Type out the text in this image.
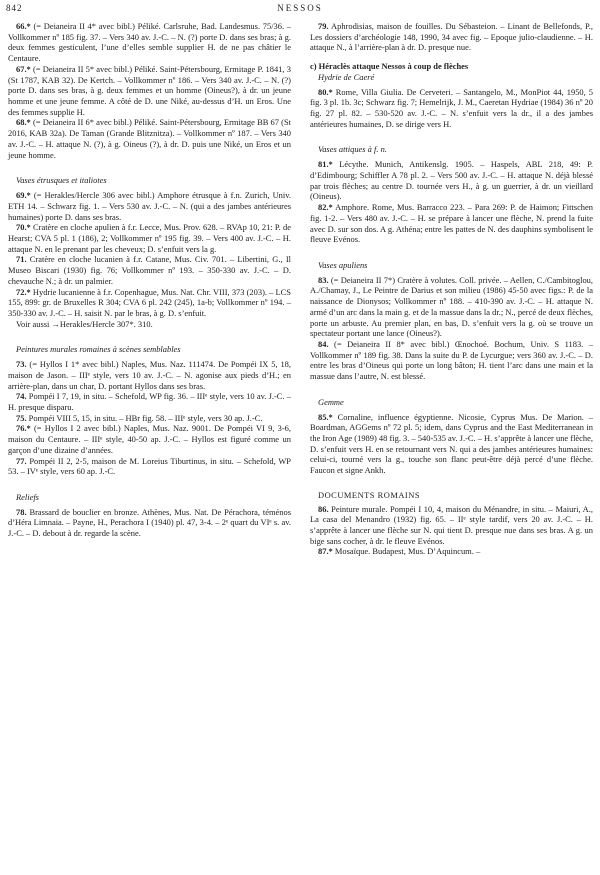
842	NESSOS
66.* (= Deianeira II 4* avec bibl.) Péliké. Carlsruhe, Bad. Landesmus. 75/36. – Vollkommer nº 185 fig. 37. – Vers 340 av. J.-C. – N. (?) porte D. dans ses bras; à g. deux femmes gesticulent, l’une d’elles semble supplier H. de ne pas châtier le Centaure.
67.* (= Deianeira II 5* avec bibl.) Péliké. Saint-Pétersbourg, Ermitage P. 1841, 3 (St 1787, KAB 32). De Kertch. – Vollkommer nº 186. – Vers 340 av. J.-C. – N. (?) porte D. dans ses bras, à g. deux femmes et un homme (Oineus?), à dr. un jeune homme et une jeune femme. A côté de D. une Niké, au-dessus d’H. un Eros. Une des femmes supplie H.
68.* (= Deianeira II 6* avec bibl.) Péliké. Saint-Pétersbourg, Ermitage BB 67 (St 2016, KAB 32a). De Taman (Grande Blitznitza). – Vollkommer nº 187. – Vers 340 av. J.-C. – H. attaque N. (?), à g. Oineus (?), à dr. D. puis une Niké, un Eros et un jeune homme.
Vases étrusques et italiotes
69.* (= Herakles/Hercle 306 avec bibl.) Amphore étrusque à f.n. Zurich, Univ. ETH 14. – Schwarz fig. 1. – Vers 530 av. J.-C. – N. (qui a des jambes antérieures humaines) porte D. dans ses bras.
70.* Cratère en cloche apulien à f.r. Lecce, Mus. Prov. 628. – RVAp 10, 21: P. de Hearst; CVA 5 pl. 1 (186), 2; Vollkommer nº 195 fig. 39. – Vers 400 av. J.-C. – H. attaque N. en le prenant par les cheveux; D. s’enfuit vers la g.
71. Cratère en cloche lucanien à f.r. Catane, Mus. Civ. 701. – Libertini, G., Il Museo Biscari (1930) fig. 76; Vollkommer nº 193. – 350-330 av. J.-C. – D. chevauche N.; à dr. un palmier.
72.* Hydrie lucanienne à f.r. Copenhague, Mus. Nat. Chr. VIII, 373 (203). – LCS 155, 899: gr. de Bruxelles R 304; CVA 6 pl. 242 (245), 1a-b; Vollkommer nº 194. – 350-330 av. J.-C. – H. saisit N. par le bras, à g. D. s’enfuit.
Voir aussi →Herakles/Hercle 307*. 310.
Peintures murales romaines à scènes semblables
73. (= Hyllos I 1* avec bibl.) Naples, Mus. Naz. 111474. De Pompéi IX 5, 18, maison de Jason. – IIIᵉ style, vers 10 av. J.-C. – N. agonise aux pieds d’H.; en arrière-plan, dans un char, D. portant Hyllos dans ses bras.
74. Pompéi I 7, 19, in situ. – Schefold, WP fig. 36. – IIIᵉ style, vers 10 av. J.-C. – H. presque disparu.
75. Pompéi VIII 5, 15, in situ. – HBr fig. 58. – IIIᵉ style, vers 30 ap. J.-C.
76.* (= Hyllos I 2 avec bibl.) Naples, Mus. Naz. 9001. De Pompéi VI 9, 3-6, maison du Centaure. – IIIᵉ style, 40-50 ap. J.-C. – Hyllos est figuré comme un garçon d’une dizaine d’années.
77. Pompéi II 2, 2-5, maison de M. Loreius Tiburtinus, in situ. – Schefold, WP 53. – IVᵉ style, vers 60 ap. J.-C.
Reliefs
78. Brassard de bouclier en bronze. Athènes, Mus. Nat. De Pérachora, téménos d’Héra Limnaia. – Payne, H., Perachora I (1940) pl. 47, 3-4. – 2ᵉ quart du VIᵉ s. av. J.-C. – D. debout à dr. regarde la scène.
79. Aphrodisias, maison de fouilles. Du Sébasteion. – Linant de Bellefonds, P., Les dossiers d’archéologie 148, 1990, 34 avec fig. – Epoque julio-claudienne. – H. attaque N., à l’arrière-plan à dr. D. presque nue.
c) Héraclès attaque Nessos à coup de flèches
Hydrie de Caeré
80.* Rome, Villa Giulia. De Cerveteri. – Santangelo, M., MonPiot 44, 1950, 5 fig. 3 pl. 1b. 3c; Schwarz fig. 7; Hemelrijk, J. M., Caeretan Hydriae (1984) 36 nº 20 fig. 27 pl. 82. – 530-520 av. J.-C. – N. s’enfuit vers la dr., il a des jambes antérieures humaines, D. se dirige vers H.
Vases attiques à f. n.
81.* Lécythe. Munich, Antikenslg. 1905. – Haspels, ABL 218, 49: P. d’Edimbourg; Schiffler A 78 pl. 2. – Vers 500 av. J.-C. – H. attaque N. déjà blessé par trois flèches; au centre D. tournée vers H., à g. un guerrier, à dr. un vieillard (Oineus).
82.* Amphore. Rome, Mus. Barracco 223. – Para 269: P. de Haimon; Fittschen fig. 1-2. – Vers 480 av. J.-C. – H. se prépare à lancer une flèche, N. prend la fuite avec D. sur son dos. A g. Athéna; entre les pattes de N. des dauphins symbolisent le fleuve Evénos.
Vases apuliens
83. (= Deianeira II 7*) Cratère à volutes. Coll. privée. – Aellen, C./Cambitoglou, A./Chamay, J., Le Peintre de Darius et son milieu (1986) 45-50 avec figs.: P. de la naissance de Dionysos; Vollkommer nº 188. – 410-390 av. J.-C. – H. attaque N. armé d’un arc dans la main g. et de la massue dans la dr.; N., percé de deux flèches, porte un arbuste. Au premier plan, en bas, D. s’enfuit vers la g. où se trouve un spectateur portant une lance (Oineus?).
84. (= Deianeira II 8* avec bibl.) Œnochoé. Bochum, Univ. S 1183. – Vollkommer nº 189 fig. 38. Dans la suite du P. de Lycurgue; vers 360 av. J.-C. – D. entre les bras d’Oineus qui porte un long bâton; H. tient l’arc dans une main et la massue dans l’autre, N. est blessé.
Gemme
85.* Cornaline, influence égyptienne. Nicosie, Cyprus Mus. De Marion. – Boardman, AGGems nº 72 pl. 5; idem, dans Cyprus and the East Mediterranean in the Iron Age (1989) 48 fig. 3. – 540-535 av. J.-C. – H. s’apprête à lancer une flèche, D. s’enfuit vers H. en se retournant vers N. qui a des jambes antérieures humaines: celui-ci, tourné vers la g., touche son flanc peut-être déjà percé d’une flèche. Faucon et signe Ankh.
DOCUMENTS ROMAINS
86. Peinture murale. Pompéi I 10, 4, maison du Ménandre, in situ. – Maiuri, A., La casa del Menandro (1932) fig. 65. – IIᵉ style tardif, vers 20 av. J.-C. – H. s’apprête à lancer une flèche sur N. qui tient D. presque nue dans ses bras. A g. un bige sans cocher, à dr. le fleuve Evénos.
87.* Mosaïque. Budapest, Mus. D’Aquincum. –
